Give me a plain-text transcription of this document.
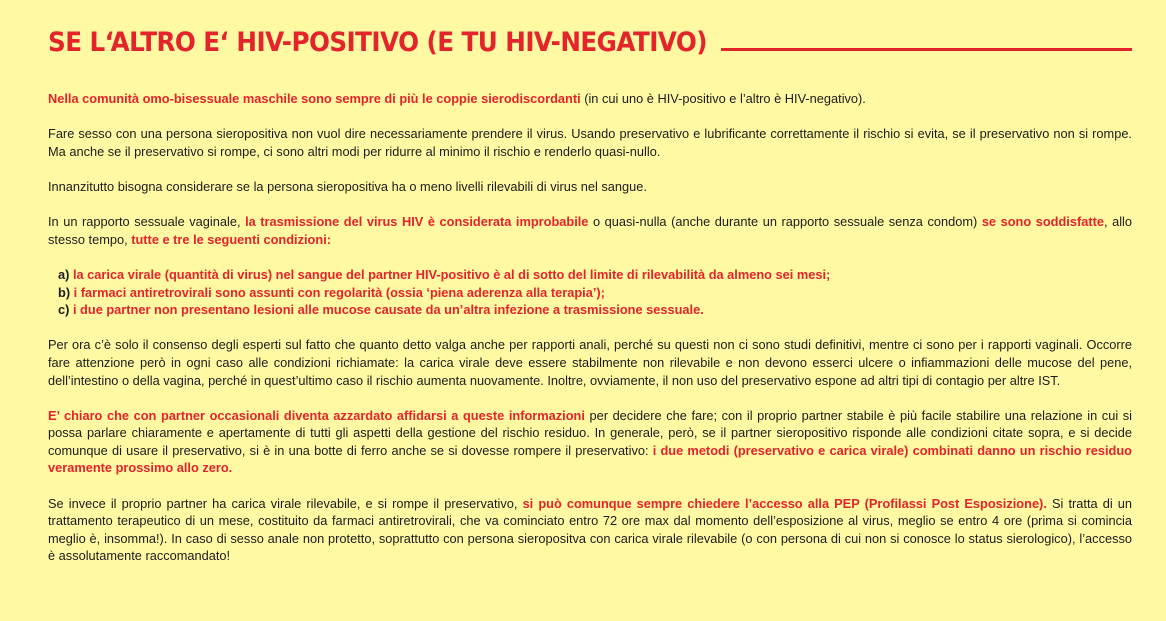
SE L‘ALTRO E‘ HIV-POSITIVO (E TU HIV-NEGATIVO)

Nella comunità omo-bisessuale maschile sono sempre di più le coppie sierodiscordanti (in cui uno è HIV-positivo e l’altro è HIV-negativo).

Fare sesso con una persona sieropositiva non vuol dire necessariamente prendere il virus. Usando preservativo e lubrificante correttamente il rischio si evita, se il preservativo non si rompe. Ma anche se il preservativo si rompe, ci sono altri modi per ridurre al minimo il rischio e renderlo quasi-nullo.

Innanzitutto bisogna considerare se la persona sieropositiva ha o meno livelli rilevabili di virus nel sangue.

In un rapporto sessuale vaginale, la trasmissione del virus HIV è considerata improbabile o quasi-nulla (anche durante un rapporto sessuale senza condom) se sono soddisfatte, allo stesso tempo, tutte e tre le seguenti condizioni:

a) la carica virale (quantità di virus) nel sangue del partner HIV-positivo è al di sotto del limite di rilevabilità da almeno sei mesi;
b) i farmaci antiretrovirali sono assunti con regolarità (ossia ‘piena aderenza alla terapia’);
c) i due partner non presentano lesioni alle mucose causate da un’altra infezione a trasmissione sessuale.

Per ora c’è solo il consenso degli esperti sul fatto che quanto detto valga anche per rapporti anali, perché su questi non ci sono studi definitivi, mentre ci sono per i rapporti vaginali. Occorre fare attenzione però in ogni caso alle condizioni richiamate: la carica virale deve essere stabilmente non rilevabile e non devono esserci ulcere o infiammazioni delle mucose del pene, dell’intestino o della vagina, perché in quest’ultimo caso il rischio aumenta nuovamente. Inoltre, ovviamente, il non uso del preservativo espone ad altri tipi di contagio per altre IST.

E’ chiaro che con partner occasionali diventa azzardato affidarsi a queste informazioni per decidere che fare; con il proprio partner stabile è più facile stabilire una relazione in cui si possa parlare chiaramente e apertamente di tutti gli aspetti della gestione del rischio residuo. In generale, però, se il partner sieropositivo risponde alle condizioni citate sopra, e si decide comunque di usare il preservativo, si è in una botte di ferro anche se si dovesse rompere il preservativo: i due metodi (preservativo e carica virale) combinati danno un rischio residuo veramente prossimo allo zero.

Se invece il proprio partner ha carica virale rilevabile, e si rompe il preservativo, si può comunque sempre chiedere l’accesso alla PEP (Profilassi Post Esposizione). Si tratta di un trattamento terapeutico di un mese, costituito da farmaci antiretrovirali, che va cominciato entro 72 ore max dal momento dell’esposizione al virus, meglio se entro 4 ore (prima si comincia meglio è, insomma!). In caso di sesso anale non protetto, soprattutto con persona sieropositva con carica virale rilevabile (o con persona di cui non si conosce lo status sierologico), l’accesso è assolutamente raccomandato!
